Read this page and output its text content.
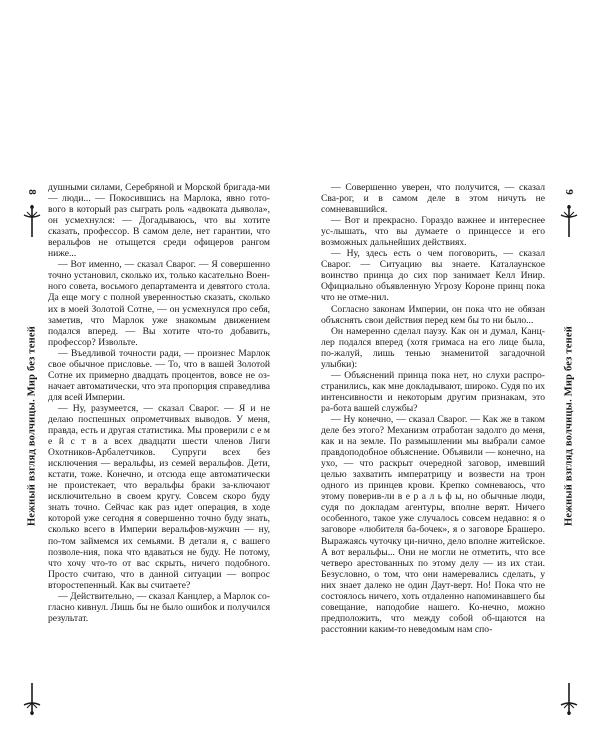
8
Нежный взгляд волчицы. Мир без теней

душными силами, Серебряной и Морской бригада-ми — люди... — Покосившись на Марлока, явно гото-вого в который раз сыграть роль «адвоката дьявола», он усмехнулся: — Догадываюсь, что вы хотите сказать, профессор. В самом деле, нет гарантии, что веральфов не отыщется среди офицеров рангом ниже...

— Вот именно, — сказал Сварог. — Я совершенно точно установил, сколько их, только касательно Воен-ного совета, восьмого департамента и девятого стола. Да еще могу с полной уверенностью сказать, сколько их в моей Золотой Сотне, — он усмехнулся про себя, заметив, что Марлок уже знакомым движением подался вперед. — Вы хотите что-то добавить, профессор? Извольте.

— Въедливой точности ради, — произнес Марлок свое обычное присловье. — То, что в вашей Золотой Сотне их примерно двадцать процентов, вовсе не оз-начает автоматически, что эта пропорция справедлива для всей Империи.

— Ну, разумеется, — сказал Сварог. — Я и не делаю поспешных опрометчивых выводов. У меня, правда, есть и другая статистика. Мы проверили с е м е й с т в а всех двадцати шести членов Лиги Охотников-Арбалетчиков. Супруги всех без исключения — веральфы, из семей веральфов. Дети, кстати, тоже. Конечно, и отсюда еще автоматически не проистекает, что веральфы браки за-ключают исключительно в своем кругу. Совсем скоро буду знать точно. Сейчас как раз идет операция, в ходе которой уже сегодня я совершенно точно буду знать, сколько всего в Империи веральфов-мужчин — ну, по-том займемся их семьями. В детали я, с вашего позволе-ния, пока что вдаваться не буду. Не потому, что хочу что-то от вас скрыть, ничего подобного. Просто считаю, что в данной ситуации — вопрос второстепенный. Как вы считаете?

— Действительно, — сказал Канцлер, а Марлок со-гласно кивнул. Лишь бы не было ошибок и получился результат.

— Совершенно уверен, что получится, — сказал Сва-рог, и в самом деле в этом ничуть не сомневавшийся.

— Вот и прекрасно. Гораздо важнее и интереснее ус-лышать, что вы думаете о принцессе и его возможных дальнейших действиях.

— Ну, здесь есть о чем поговорить, — сказал Сварог. — Ситуацию вы знаете. Каталаунское воинство принца до сих пор занимает Келл Инир. Официально объявленную Угрозу Короне принц пока что не отме-нил.

Согласно законам Империи, он пока что не обязан объяснять свои действия перед кем бы то ни было...

Он намеренно сделал паузу. Как он и думал, Канц-лер подался вперед (хотя гримаса на его лице была, по-жалуй, лишь тенью знаменитой загадочной улыбки):

— Объяснений принца пока нет, но слухи распро-странились, как мне докладывают, широко. Судя по их интенсивности и некоторым другим признакам, это ра-бота вашей службы?

— Ну конечно, — сказал Сварог. — Как же в таком деле без этого? Механизм отработан задолго до меня, как и на земле. По размышлении мы выбрали самое правдоподобное объяснение. Объявили — конечно, на ухо, — что раскрыт очередной заговор, имевший целью захватить императрицу и возвести на трон одного из принцев крови. Крепко сомневаюсь, что этому поверив-ли в е р а л ь ф ы, но обычные люди, судя по докладам агентуры, вполне верят. Ничего особенного, такое уже случалось совсем недавно: я о заговоре «любителя ба-бочек», я о заговоре Брашеро. Выражаясь чуточку ци-нично, дело вполне житейское. А вот веральфы... Они не могли не отметить, что все четверо арестованных по этому делу — из их стаи. Безусловно, о том, что они намеревались сделать, у них знает далеко не один Даут-верт. Но! Пока что не состоялось ничего, хоть отдаленно напоминавшего бы совещание, наподобие нашего. Ко-нечно, можно предположить, что между собой об-щаются на расстоянии каким-то неведомым нам спо-

9
Нежный взгляд волчицы. Мир без теней
